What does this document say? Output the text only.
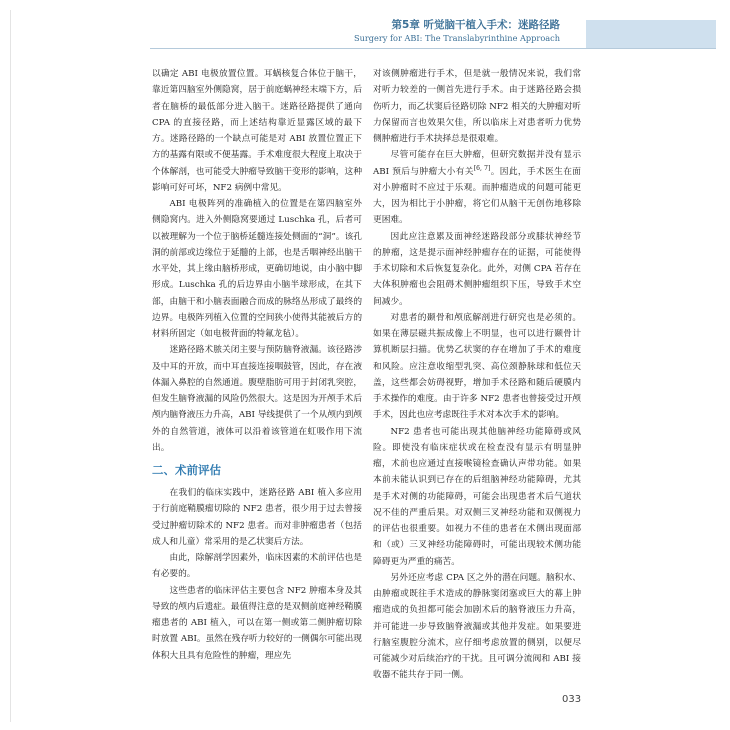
第5章 听觉脑干植入手术：迷路径路
Surgery for ABI: The Translabyrinthine Approach

以确定 ABI 电极放置位置。耳蜗核复合体位于脑干，靠近第四脑室外侧隐窝，居于前庭蜗神经末端下方，后者在脑桥的最低部分进入脑干。迷路径路提供了通向 CPA 的直接径路，而上述结构靠近显露区域的最下方。迷路径路的一个缺点可能是对 ABI 放置位置正下方的基露有限或不便基露。手术难度很大程度上取决于个体解剖，也可能受大肿瘤导致脑干变形的影响，这种影响可好可坏，NF2 病例中常见。

ABI 电极阵列的准确植入的位置是在第四脑室外侧隐窝内。进入外侧隐窝要通过 Luschka 孔，后者可以被理解为一个位于脑桥延髓连接处侧面的“洞”。该孔洞的前部或边缘位于延髓的上部，也是舌咽神经出脑干水平处，其上缘由脑桥形成，更确切地说，由小脑中脚形成。Luschka 孔的后边界由小脑半球形成，在其下部，由脑干和小脑表面融合而成的脉络丛形成了最终的边界。电极阵列植入位置的空间狭小使得其能被后方的材料所固定（如电极背面的特氟龙毡）。

迷路径路术脓关闭主要与预防脑脊液漏。该径路涉及中耳的开放，而中耳直接连接咽鼓管，因此，存在液体漏入鼻腔的自然通道。腹壁脂肪可用于封闭乳突腔，但发生脑脊液漏的风险仍然很大。这是因为开颅手术后颅内脑脊液压力升高，ABI 导线提供了一个从颅内到颅外的自然管道，液体可以沿着该管道在虹吸作用下流出。

二、术前评估

在我们的临床实践中，迷路径路 ABI 植入多应用于行前庭鞘膜瘤切除的 NF2 患者，很少用于过去曾接受过肿瘤切除术的 NF2 患者。而对非肿瘤患者（包括成人和儿童）常采用的是乙状窦后方法。

由此，除解剖学因素外，临床因素的术前评估也是有必要的。

这些患者的临床评估主要包含 NF2 肿瘤本身及其导致的颅内后遗症。最值得注意的是双侧前庭神经鞘膜瘤患者的 ABI 植入，可以在第一侧或第二侧肿瘤切除时放置 ABI。虽然在残存听力较好的一侧偶尔可能出现体积大且具有危险性的肿瘤，理应先

对该侧肿瘤进行手术，但是就一般情况来说，我们常对听力较差的一侧首先进行手术。由于迷路径路会损伤听力，而乙状窦后径路切除 NF2 相关的大肿瘤对听力保留而言也效果欠佳，所以临床上对患者听力优势侧肿瘤进行手术抉择总是很艰难。

尽管可能存在巨大肿瘤，但研究数据并没有显示 ABI 预后与肿瘤大小有关[6, 7]。因此，手术医生在面对小肿瘤时不应过于乐观。而肿瘤造成的问题可能更大，因为相比于小肿瘤，将它们从脑干无创伤地移除更困难。

因此应注意累及面神经迷路段部分或膝状神经节的肿瘤，这是提示面神经肿瘤存在的证据，可能使得手术切除和术后恢复复杂化。此外，对侧 CPA 若存在大体积肿瘤也会阻碍术侧肿瘤组织下压，导致手术空间减少。

对患者的颞骨和颅底解剖进行研究也是必须的。如果在薄层磁共振成像上不明显，也可以进行颞骨计算机断层扫描。优势乙状窦的存在增加了手术的难度和风险。应注意收缩型乳突、高位颈静脉球和低位天盖，这些都会妨碍视野，增加手术径路和随后硬膜内手术操作的难度。由于许多 NF2 患者也曾接受过开颅手术，因此也应考虑既往手术对本次手术的影响。

NF2 患者也可能出现其他脑神经功能障碍或风险。即使没有临床症状或在检查没有显示有明显肿瘤，术前也应通过直接喉镜检查确认声带功能。如果本前未能认识到已存在的后组脑神经功能障碍，尤其是手术对侧的功能障碍，可能会出现患者术后气道状况不佳的严重后果。对双侧三叉神经功能和双侧视力的评估也很重要。如视力不佳的患者在术侧出现面部和（或）三叉神经功能障碍时，可能出现较术侧功能障碍更为严重的痛苦。

另外还应考虑 CPA 区之外的潜在问题。脑积水、由肿瘤或既往手术造成的静脉窦闭塞或巨大的幕上肿瘤造成的负担都可能会加剧术后的脑脊液压力升高，并可能进一步导致脑脊液漏或其他并发症。如果要进行脑室腹腔分流术，应仔细考虑放置的侧别，以便尽可能减少对后续治疗的干扰。且可调分流阀和 ABI 接收器不能共存于同一侧。

033
